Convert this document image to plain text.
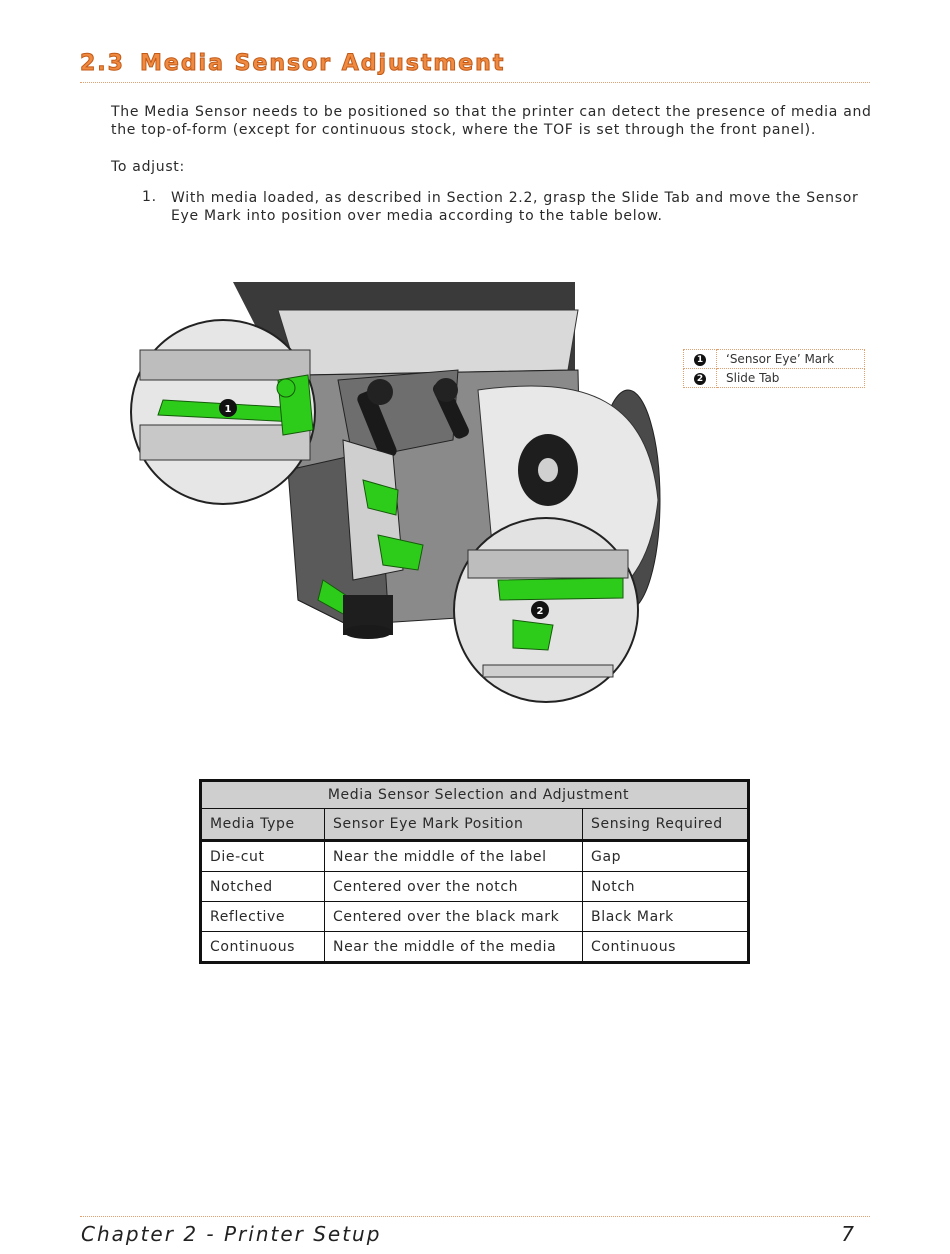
2.3 Media Sensor Adjustment
The Media Sensor needs to be positioned so that the printer can detect the presence of media and
the top-of-form (except for continuous stock, where the TOF is set through the front panel).
To adjust:
1. With media loaded, as described in Section 2.2, grasp the Slide Tab and move the Sensor
Eye Mark into position over media according to the table below.
1
2
1	‘Sensor Eye’ Mark
2	Slide Tab
Media Sensor Selection and Adjustment		
Media Type	Sensor Eye Mark Position	Sensing Required
Die-cut	Near the middle of the label	Gap
Notched	Centered over the notch	Notch
Reflective	Centered over the black mark	Black Mark
Continuous	Near the middle of the media	Continuous
Chapter 2 - Printer Setup	7
